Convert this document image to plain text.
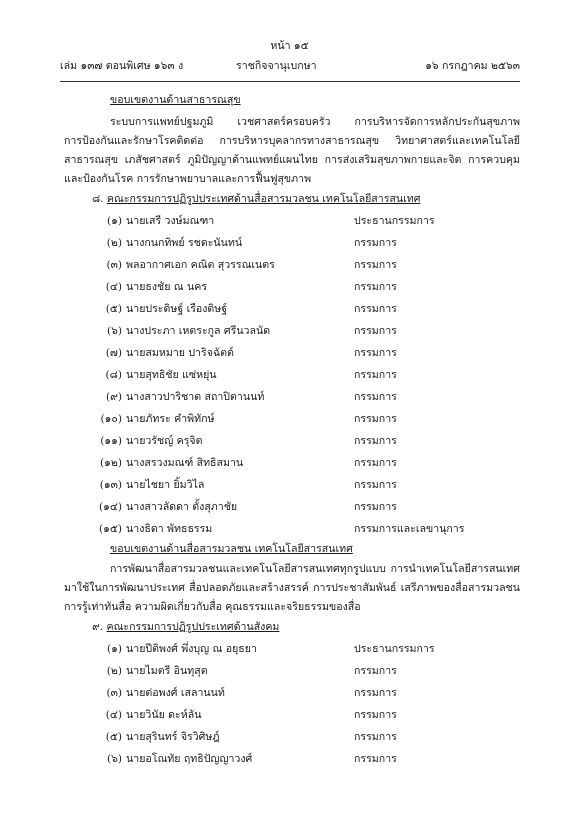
หน้า ๑๕
เล่ม ๑๓๗ ตอนพิเศษ ๑๖๓ ง	ราชกิจจานุเบกษา	๑๖ กรกฎาคม ๒๕๖๓
ขอบเขตงานด้านสาธารณสุข
ระบบการแพทย์ปฐมภูมิ เวชศาสตร์ครอบครัว การบริหารจัดการหลักประกันสุขภาพ
การป้องกันและรักษาโรคติดต่อ การบริหารบุคลากรทางสาธารณสุข วิทยาศาสตร์และเทคโนโลยี
สาธารณสุข เภสัชศาสตร์ ภูมิปัญญาด้านแพทย์แผนไทย การส่งเสริมสุขภาพกายและจิต การควบคุม
และป้องกันโรค การรักษาพยาบาลและการฟื้นฟูสุขภาพ
๘. คณะกรรมการปฏิรูปประเทศด้านสื่อสารมวลชน เทคโนโลยีสารสนเทศ
(๑) นายเสรี วงษ์มณฑา	ประธานกรรมการ
(๒) นางกนกทิพย์ รชดะนันทน์	กรรมการ
(๓) พลอากาศเอก คณิต สุวรรณเนตร	กรรมการ
(๔) นายธงชัย ณ นคร	กรรมการ
(๕) นายประดิษฐ์ เรืองดิษฐ์	กรรมการ
(๖) นางประภา เหตระกูล ศรีนวลนัด	กรรมการ
(๗) นายสมหมาย ปาริจฉัตต์	กรรมการ
(๘) นายสุทธิชัย แซ่หยุ่น	กรรมการ
(๙) นางสาวปาริชาต สถาปิตานนท์	กรรมการ
(๑๐) นายภัทระ คำพิทักษ์	กรรมการ
(๑๑) นายวรัชญ์ ครุจิต	กรรมการ
(๑๒) นางสรวงมณฑ์ สิทธิสมาน	กรรมการ
(๑๓) นายไชยา ยิ้มวิไล	กรรมการ
(๑๔) นางสาวลัดดา ตั้งสุภาชัย	กรรมการ
(๑๕) นางธิดา พัทธธรรม	กรรมการและเลขานุการ
ขอบเขตงานด้านสื่อสารมวลชน เทคโนโลยีสารสนเทศ
การพัฒนาสื่อสารมวลชนและเทคโนโลยีสารสนเทศทุกรูปแบบ การนำเทคโนโลยีสารสนเทศ
มาใช้ในการพัฒนาประเทศ สื่อปลอดภัยและสร้างสรรค์ การประชาสัมพันธ์ เสรีภาพของสื่อสารมวลชน
การรู้เท่าทันสื่อ ความผิดเกี่ยวกับสื่อ คุณธรรมและจริยธรรมของสื่อ
๙. คณะกรรมการปฏิรูปประเทศด้านสังคม
(๑) นายปีติพงศ์ พึ่งบุญ ณ อยุธยา	ประธานกรรมการ
(๒) นายไมตรี อินทุสุต	กรรมการ
(๓) นายต่อพงศ์ เสลานนท์	กรรมการ
(๔) นายวินัย ดะห์ลัน	กรรมการ
(๕) นายสุรินทร์ จิรวิศิษฎ์	กรรมการ
(๖) นายอโณทัย ฤทธิปัญญาวงศ์	กรรมการ
